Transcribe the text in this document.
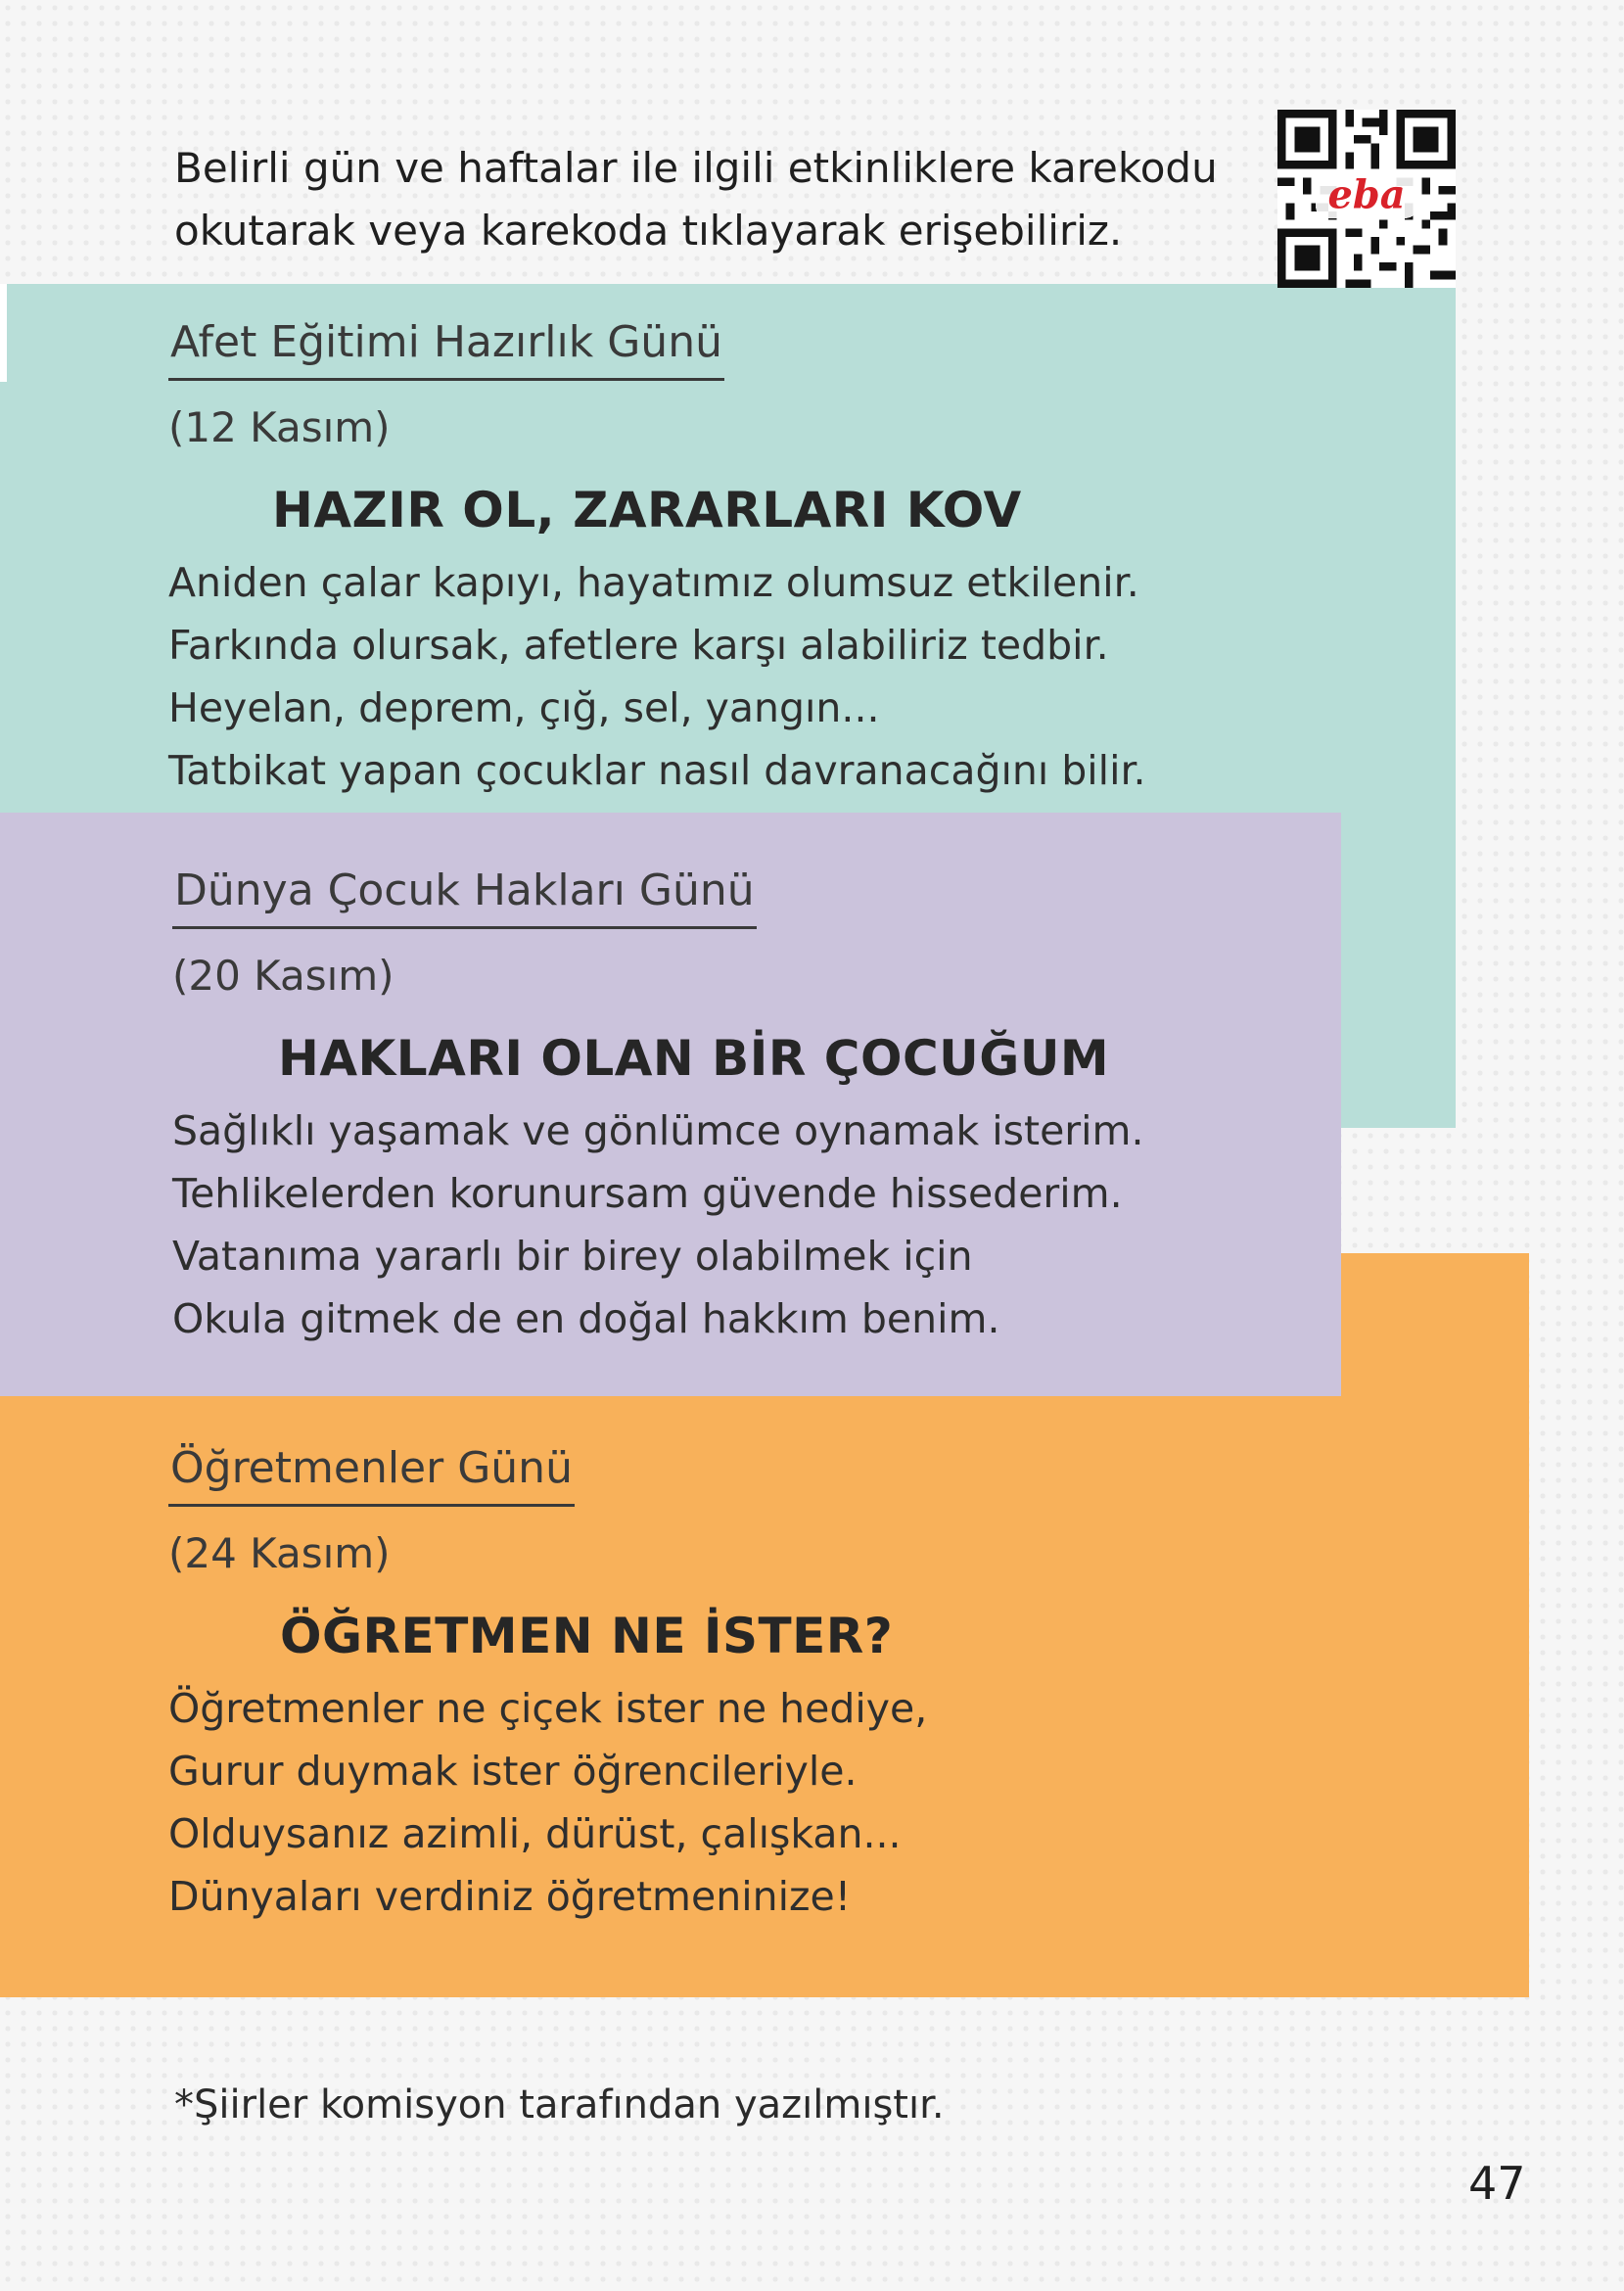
Belirli gün ve haftalar ile ilgili etkinliklere karekodu
okutarak veya karekoda tıklayarak erişebiliriz.
eba
Afet Eğitimi Hazırlık Günü
(12 Kasım)
HAZIR OL, ZARARLARI KOV
Aniden çalar kapıyı, hayatımız olumsuz etkilenir.
Farkında olursak, afetlere karşı alabiliriz tedbir.
Heyelan, deprem, çığ, sel, yangın...
Tatbikat yapan çocuklar nasıl davranacağını bilir.
Dünya Çocuk Hakları Günü
(20 Kasım)
HAKLARI OLAN BİR ÇOCUĞUM
Sağlıklı yaşamak ve gönlümce oynamak isterim.
Tehlikelerden korunursam güvende hissederim.
Vatanıma yararlı bir birey olabilmek için
Okula gitmek de en doğal hakkım benim.
Öğretmenler Günü
(24 Kasım)
ÖĞRETMEN NE İSTER?
Öğretmenler ne çiçek ister ne hediye,
Gurur duymak ister öğrencileriyle.
Olduysanız azimli, dürüst, çalışkan...
Dünyaları verdiniz öğretmeninize!
*Şiirler komisyon tarafından yazılmıştır.
47
